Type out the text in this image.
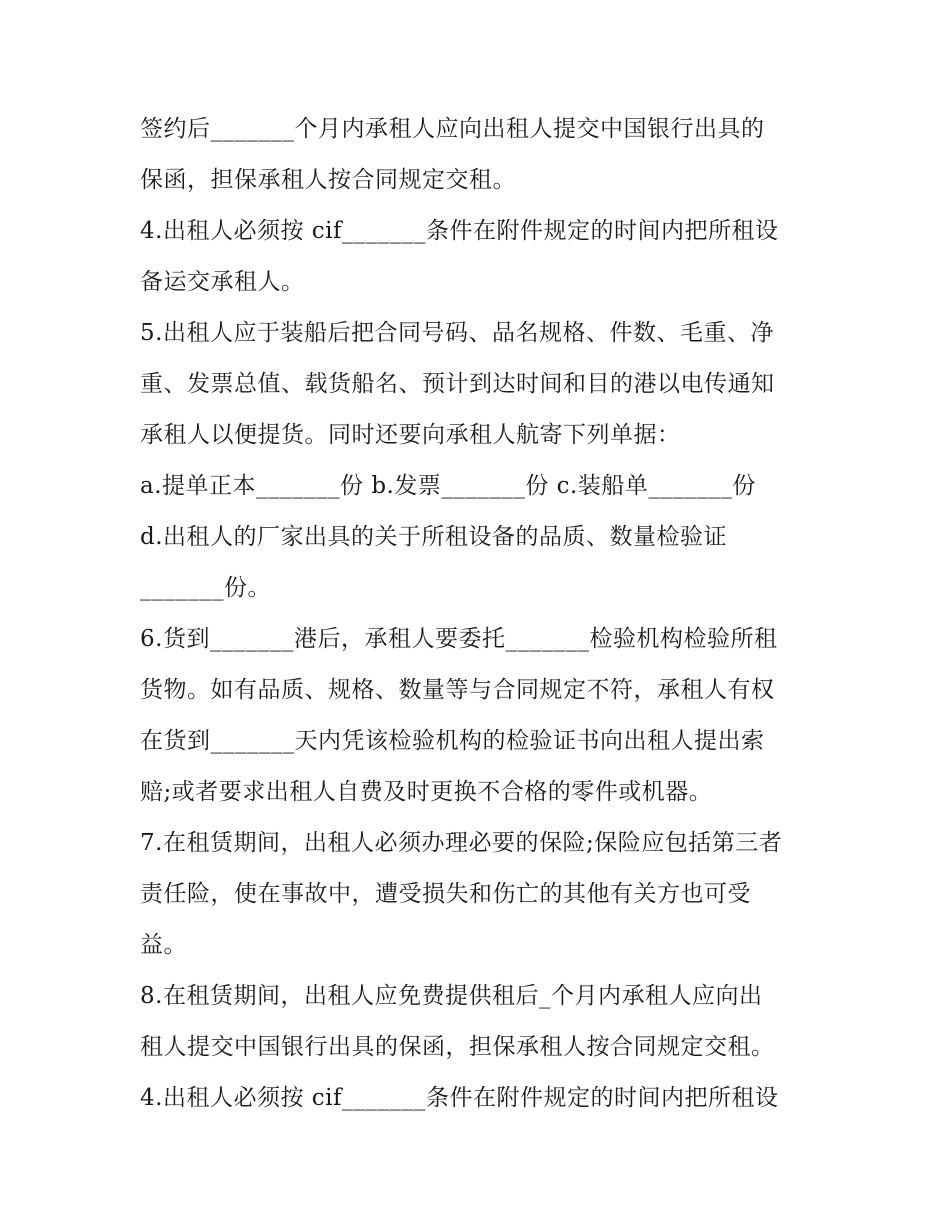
签约后_______个月内承租人应向出租人提交中国银行出具的
保函，担保承租人按合同规定交租。
4.出租人必须按 cif_______条件在附件规定的时间内把所租设
备运交承租人。
5.出租人应于装船后把合同号码、品名规格、件数、毛重、净
重、发票总值、载货船名、预计到达时间和目的港以电传通知
承租人以便提货。同时还要向承租人航寄下列单据：
a.提单正本_______份 b.发票_______份 c.装船单_______份
d.出租人的厂家出具的关于所租设备的品质、数量检验证
_______份。
6.货到_______港后，承租人要委托_______检验机构检验所租
货物。如有品质、规格、数量等与合同规定不符，承租人有权
在货到_______天内凭该检验机构的检验证书向出租人提出索
赔;或者要求出租人自费及时更换不合格的零件或机器。
7.在租赁期间，出租人必须办理必要的保险;保险应包括第三者
责任险，使在事故中，遭受损失和伤亡的其他有关方也可受
益。
8.在租赁期间，出租人应免费提供租后_个月内承租人应向出
租人提交中国银行出具的保函，担保承租人按合同规定交租。
4.出租人必须按 cif_______条件在附件规定的时间内把所租设
